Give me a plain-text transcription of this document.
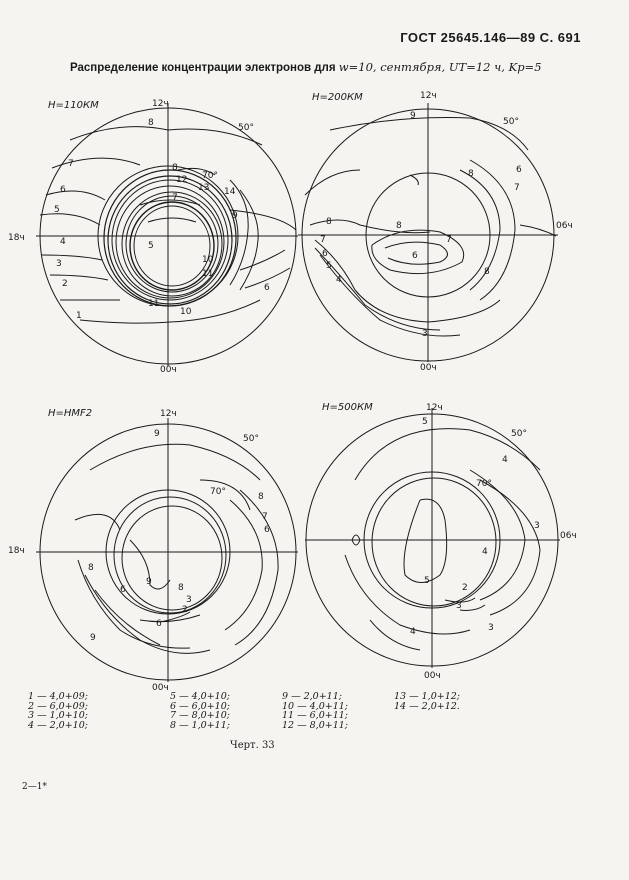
ГОСТ 25645.146—89 С. 691
Распределение концентрации электронов для w=10, сентября, UT=12 ч, Kp=5
12ч
00ч
18ч
12ч
00ч
06ч
12ч
00ч
18ч
12ч
00ч
06ч
H=110КМ
H=200КМ
H=HMF2
H=500КМ
50°
70°
50°
50°
70°
50°
70°
1
2
3
4
5
6
7
8
9
10
11
5
8
7
6
10
11
12
13 14
9
8
7
6
5
4
3
8
7
6
8	6
7
8
9
8
7
6
9
8
6
6
9
8
2
3
5
4
3
4
5
3
2
3
4
1 — 4,0+09;
2 — 6,0+09;
3 — 1,0+10;
4 — 2,0+10;
5 — 4,0+10;
6 — 6,0+10;
7 — 8,0+10;
8 — 1,0+11;
9 — 2,0+11;
10 — 4,0+11;
11 — 6,0+11;
12 — 8,0+11;
13 — 1,0+12;
14 — 2,0+12.
Черт. 33
2—1*
